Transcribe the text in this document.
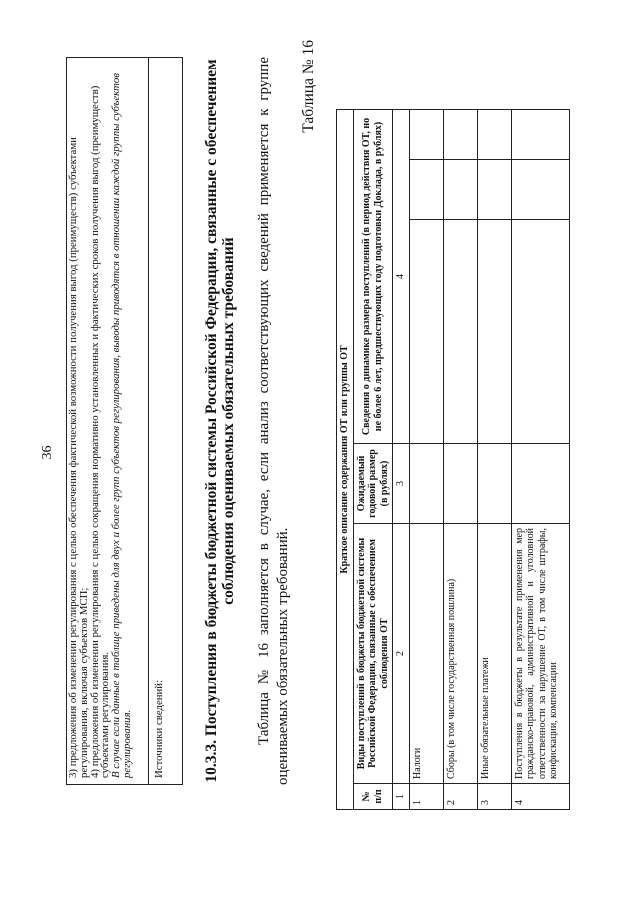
36 3) предложения об изменении регулирования с целью обеспечения фактической возможности получения выгод (преимуществ) субъектами регулирования, включая субъектов МСП;

4) предложения об изменении регулирования с целью сокращения нормативно установленных и фактических сроков получения выгод (преимуществ) субъектами регулирования.

В случае если данные в таблице приведены для двух и более групп субъектов регулирования, выводы приводятся в отношении каждой группы субъектов регулирования.	Источники сведений:	10.3.3. Поступления в бюджеты бюджетной системы Российской Федерации, связанные с обеспечением соблюдения оцениваемых обязательных требований Таблица № 16 заполняется в случае, если анализ соответствующих сведений применяется к группе оцениваемых обязательных требований.

Таблица № 16
Краткое описание содержания ОТ или группы ОТ					
№ п/п	Виды поступлений в бюджеты бюджетной системы Российской Федерации, связанные с обеспечением соблюдения ОТ	Ожидаемый годовой размер (в рублях)	Сведения о динамике размера поступлений (в период действия ОТ, но не более 6 лет, предшествующих году подготовки Доклада, в рублях)		
1	2	3	4		
1	Налоги				
2	Сборы (в том числе государственная пошлина)				
3	Иные обязательные платежи				
4	Поступления в бюджеты в результате применения мер гражданско-правовой, административной и уголовной ответственности за нарушение ОТ, в том числе штрафы, конфискации, компенсации				
